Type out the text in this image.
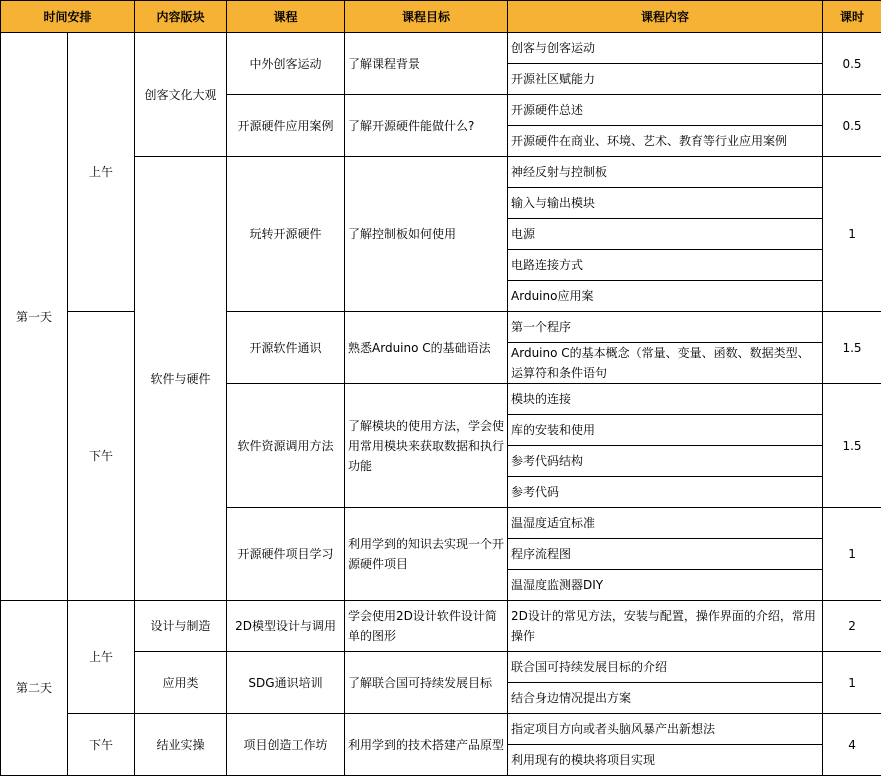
时间安排		内容版块	课程	课程目标	课程内容	课时
第一天	上午	创客文化大观	中外创客运动	了解课程背景	创客与创客运动	0.5
					开源社区赋能力	
			开源硬件应用案例	了解开源硬件能做什么?	开源硬件总述	0.5
					开源硬件在商业、环境、艺术、教育等行业应用案例	
		软件与硬件	玩转开源硬件	了解控制板如何使用	神经反射与控制板	1
					输入与输出模块	
					电源	
					电路连接方式	
					Arduino应用案	
	下午		开源软件通识	熟悉Arduino C的基础语法	第一个程序	1.5
					Arduino C的基本概念（常量、变量、函数、数据类型、运算符和条件语句	
			软件资源调用方法	了解模块的使用方法，学会使用常用模块来获取数据和执行功能	模块的连接	1.5
					库的安装和使用	
					参考代码结构	
					参考代码	
			开源硬件项目学习	利用学到的知识去实现一个开源硬件项目	温湿度适宜标准	1
					程序流程图	
					温湿度监测器DIY	
第二天	上午	设计与制造	2D模型设计与调用	学会使用2D设计软件设计简单的图形	2D设计的常见方法，安装与配置，操作界面的介绍，常用操作	2
		应用类	SDG通识培训	了解联合国可持续发展目标	联合国可持续发展目标的介绍	1
					结合身边情况提出方案	
	下午	结业实操	项目创造工作坊	利用学到的技术搭建产品原型	指定项目方向或者头脑风暴产出新想法	4
					利用现有的模块将项目实现	
